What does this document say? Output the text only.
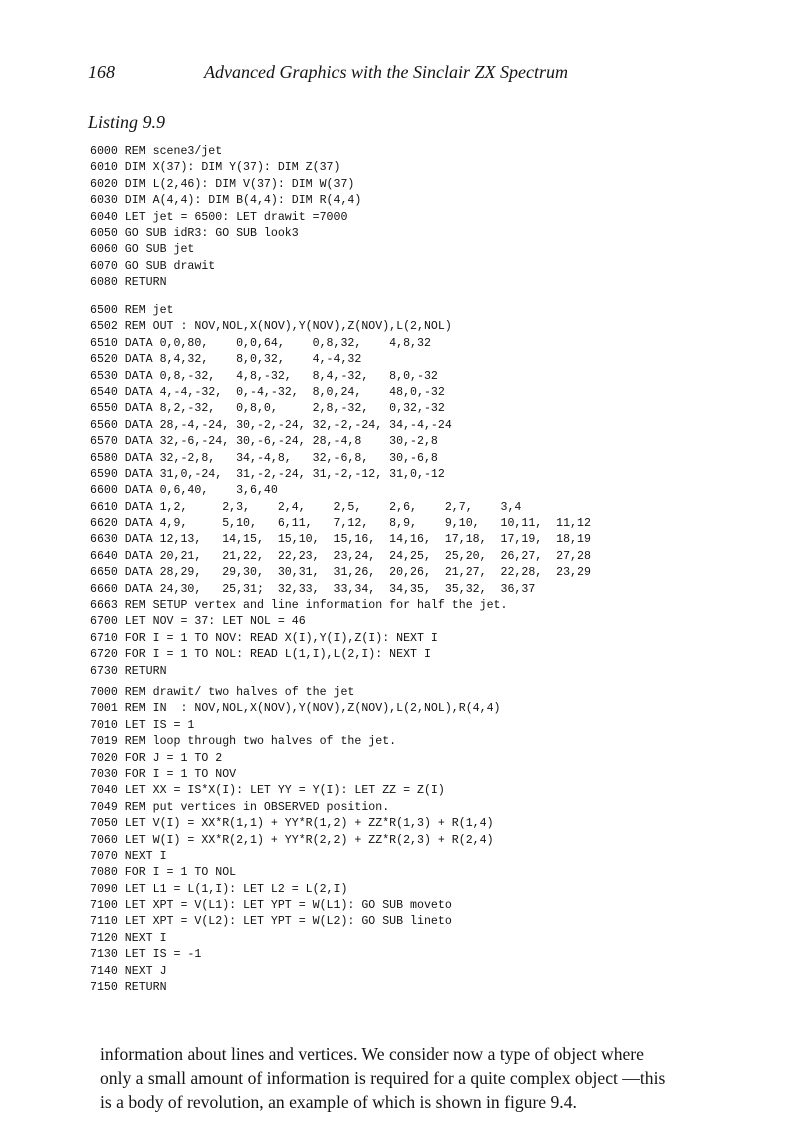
168	Advanced Graphics with the Sinclair ZX Spectrum
Listing 9.9
6000 REM scene3/jet
6010 DIM X(37): DIM Y(37): DIM Z(37)
6020 DIM L(2,46): DIM V(37): DIM W(37)
6030 DIM A(4,4): DIM B(4,4): DIM R(4,4)
6040 LET jet = 6500: LET drawit =7000
6050 GO SUB idR3: GO SUB look3
6060 GO SUB jet
6070 GO SUB drawit
6080 RETURN
6500 REM jet
6502 REM OUT : NOV,NOL,X(NOV),Y(NOV),Z(NOV),L(2,NOL)
6510 DATA 0,0,80,    0,0,64,    0,8,32,    4,8,32
6520 DATA 8,4,32,    8,0,32,    4,-4,32
6530 DATA 0,8,-32,   4,8,-32,   8,4,-32,   8,0,-32
6540 DATA 4,-4,-32,  0,-4,-32,  8,0,24,    48,0,-32
6550 DATA 8,2,-32,   0,8,0,     2,8,-32,   0,32,-32
6560 DATA 28,-4,-24, 30,-2,-24, 32,-2,-24, 34,-4,-24
6570 DATA 32,-6,-24, 30,-6,-24, 28,-4,8    30,-2,8
6580 DATA 32,-2,8,   34,-4,8,   32,-6,8,   30,-6,8
6590 DATA 31,0,-24,  31,-2,-24, 31,-2,-12, 31,0,-12
6600 DATA 0,6,40,    3,6,40
6610 DATA 1,2,     2,3,    2,4,    2,5,    2,6,    2,7,    3,4
6620 DATA 4,9,     5,10,   6,11,   7,12,   8,9,    9,10,   10,11,  11,12
6630 DATA 12,13,   14,15,  15,10,  15,16,  14,16,  17,18,  17,19,  18,19
6640 DATA 20,21,   21,22,  22,23,  23,24,  24,25,  25,20,  26,27,  27,28
6650 DATA 28,29,   29,30,  30,31,  31,26,  20,26,  21,27,  22,28,  23,29
6660 DATA 24,30,   25,31;  32,33,  33,34,  34,35,  35,32,  36,37
6663 REM SETUP vertex and line information for half the jet.
6700 LET NOV = 37: LET NOL = 46
6710 FOR I = 1 TO NOV: READ X(I),Y(I),Z(I): NEXT I
6720 FOR I = 1 TO NOL: READ L(1,I),L(2,I): NEXT I
6730 RETURN
7000 REM drawit/ two halves of the jet
7001 REM IN  : NOV,NOL,X(NOV),Y(NOV),Z(NOV),L(2,NOL),R(4,4)
7010 LET IS = 1
7019 REM loop through two halves of the jet.
7020 FOR J = 1 TO 2
7030 FOR I = 1 TO NOV
7040 LET XX = IS*X(I): LET YY = Y(I): LET ZZ = Z(I)
7049 REM put vertices in OBSERVED position.
7050 LET V(I) = XX*R(1,1) + YY*R(1,2) + ZZ*R(1,3) + R(1,4)
7060 LET W(I) = XX*R(2,1) + YY*R(2,2) + ZZ*R(2,3) + R(2,4)
7070 NEXT I
7080 FOR I = 1 TO NOL
7090 LET L1 = L(1,I): LET L2 = L(2,I)
7100 LET XPT = V(L1): LET YPT = W(L1): GO SUB moveto
7110 LET XPT = V(L2): LET YPT = W(L2): GO SUB lineto
7120 NEXT I
7130 LET IS = -1
7140 NEXT J
7150 RETURN
information about lines and vertices. We consider now a type of object where
only a small amount of information is required for a quite complex object —this
is a body of revolution, an example of which is shown in figure 9.4.
